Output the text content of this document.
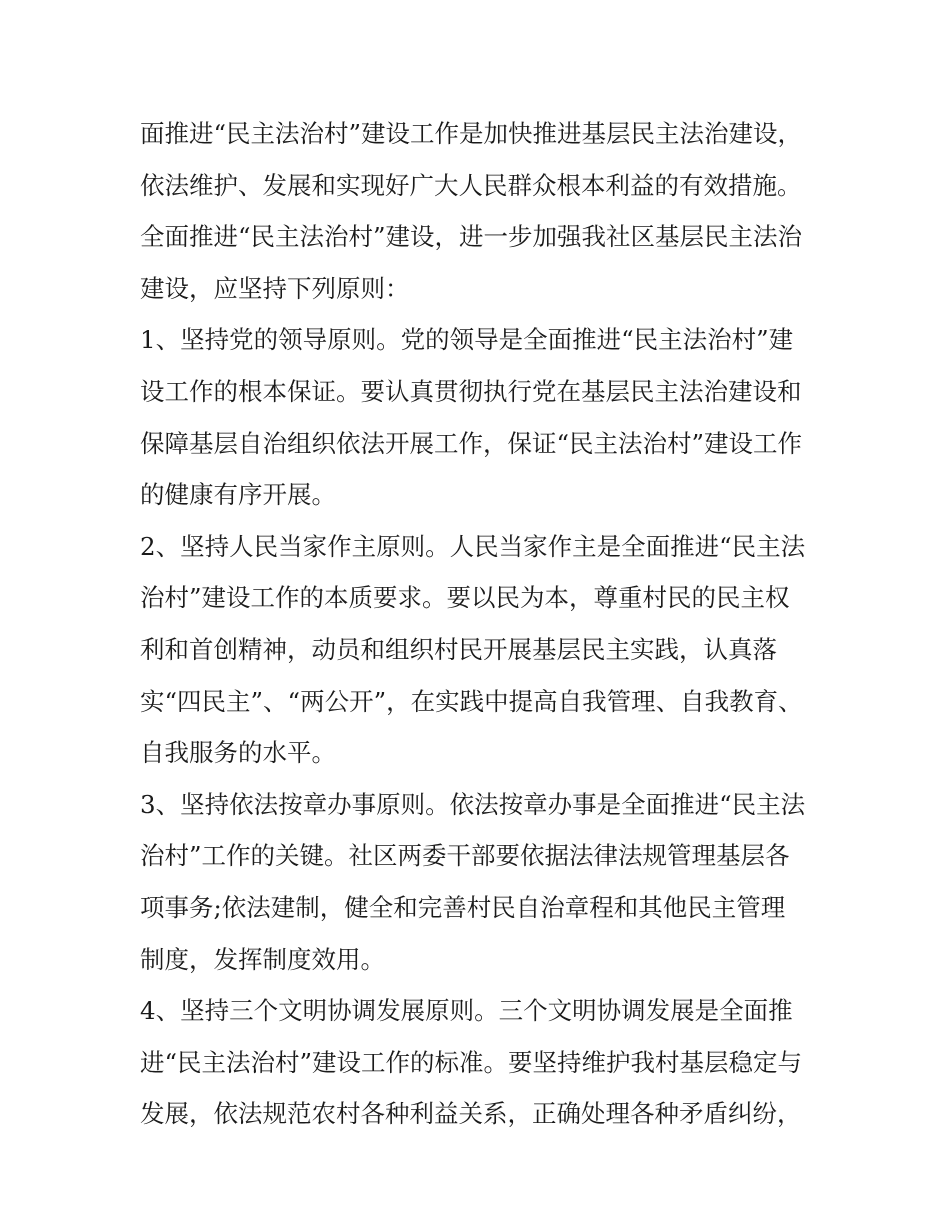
面推进“民主法治村”建设工作是加快推进基层民主法治建设，
依法维护、发展和实现好广大人民群众根本利益的有效措施。
全面推进“民主法治村”建设，进一步加强我社区基层民主法治
建设，应坚持下列原则：
1、坚持党的领导原则。党的领导是全面推进“民主法治村”建
设工作的根本保证。要认真贯彻执行党在基层民主法治建设和
保障基层自治组织依法开展工作，保证“民主法治村”建设工作
的健康有序开展。
2、坚持人民当家作主原则。人民当家作主是全面推进“民主法
治村”建设工作的本质要求。要以民为本，尊重村民的民主权
利和首创精神，动员和组织村民开展基层民主实践，认真落
实“四民主”、“两公开”，在实践中提高自我管理、自我教育、
自我服务的水平。
3、坚持依法按章办事原则。依法按章办事是全面推进“民主法
治村”工作的关键。社区两委干部要依据法律法规管理基层各
项事务;依法建制，健全和完善村民自治章程和其他民主管理
制度，发挥制度效用。
4、坚持三个文明协调发展原则。三个文明协调发展是全面推
进“民主法治村”建设工作的标准。要坚持维护我村基层稳定与
发展，依法规范农村各种利益关系，正确处理各种矛盾纠纷，
